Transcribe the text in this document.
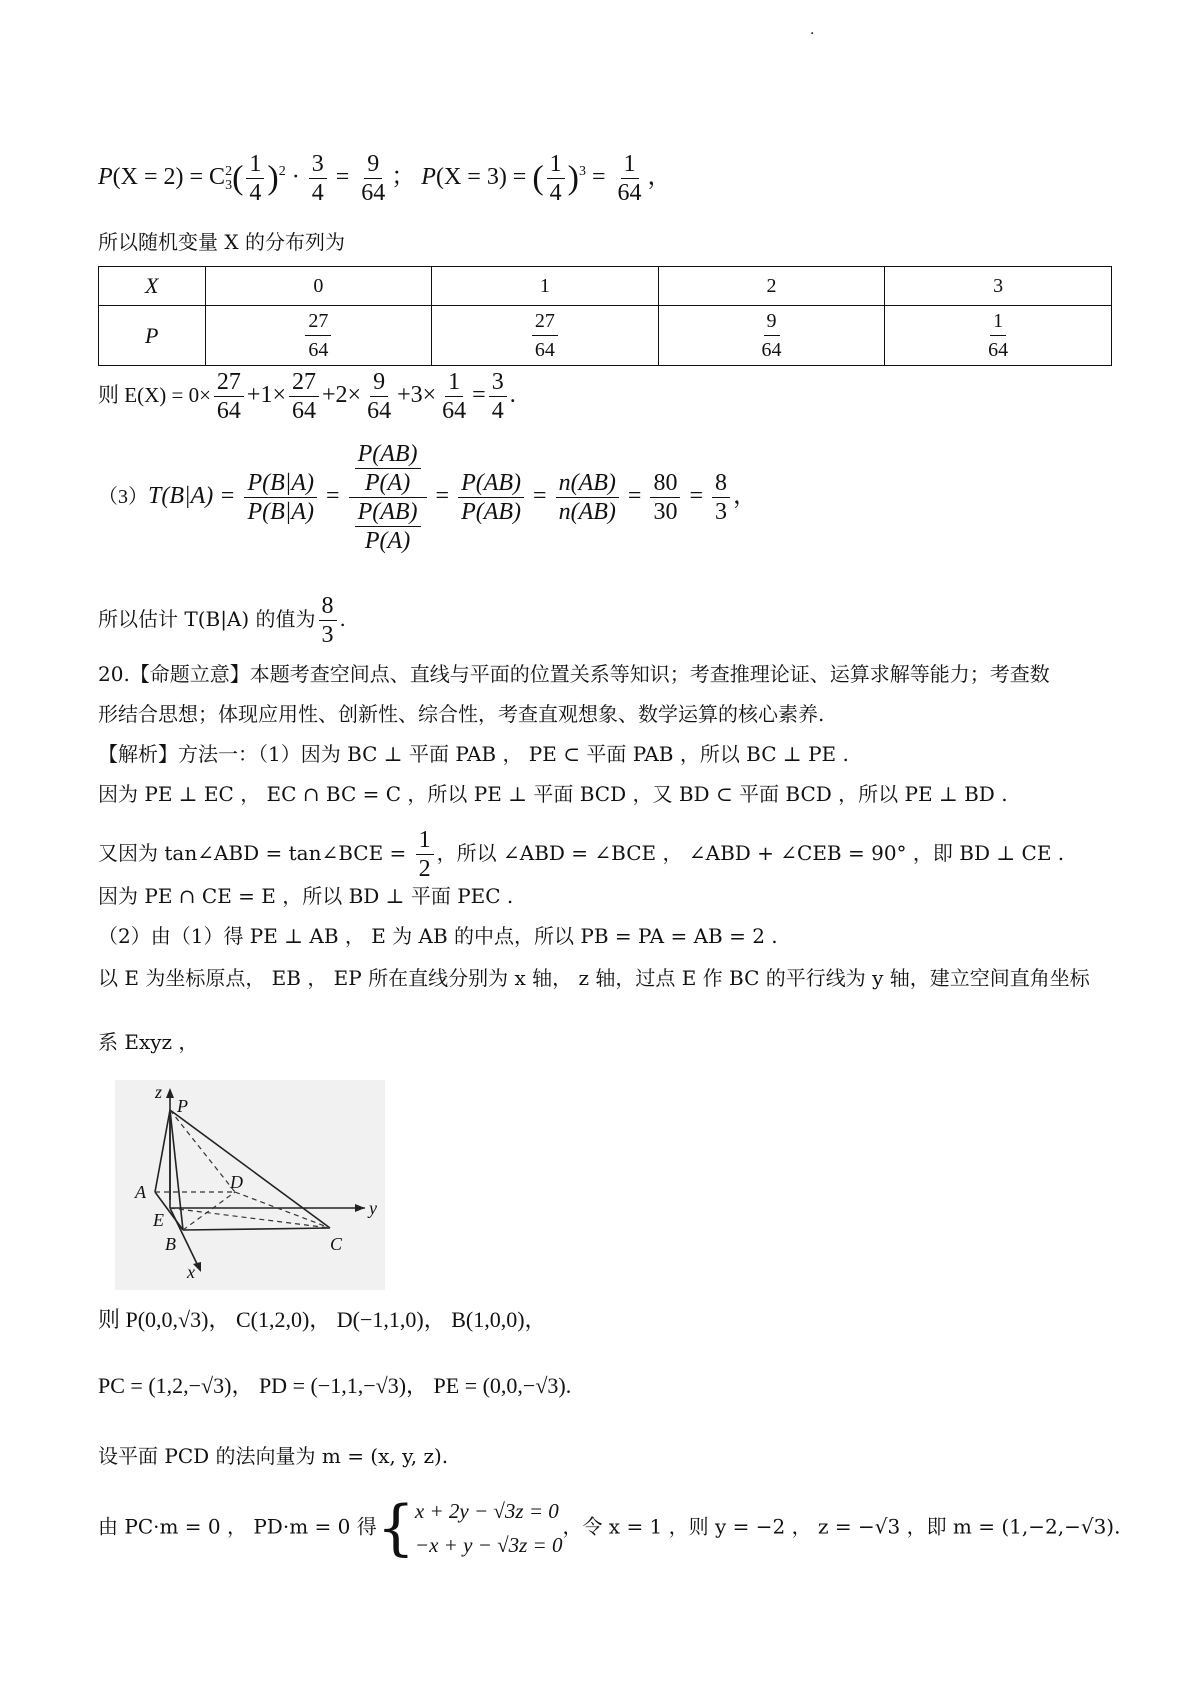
.
P(X = 2) = C2
$3( \frac{1}{4} )^2 \cdot \frac{3}{4} = \frac{9}{64}$ ； P(X = 3) = ( $\frac{1}{4} )^3 = \frac{1}{64}$ ，
所以随机变量 X 的分布列为
X	0	1	2	3
P	$\frac{27}{64}$	$\frac{27}{64}$	$\frac{9}{64}$	$\frac{1}{64}$
则 $E(X) = 0\times \frac{27}{64} +1\times \frac{27}{64} +2\times \frac{9}{64} +3\times \frac{1}{64} = \frac{3}{4}$ .
$(3)T(B|A) = \frac{P(B|A)}{P(B|A)} = \frac{\frac{P(AB)}{P(A)}}{\frac{P(AB)}{P(A)}} = \frac{P(AB)}{P(AB)} = \frac{n(AB)}{n(AB)} = \frac{80}{30} = \frac{8}{3}$ ，
所以估计 T(B|A) 的值为 $\frac{8}{3}$ .
20.【命题立意】本题考查空间点、直线与平面的位置关系等知识；考查推理论证、运算求解等能力；考查数
形结合思想；体现应用性、创新性、综合性，考查直观想象、数学运算的核心素养.
【解析】方法一：（1）因为 BC ⊥ 平面 PAB ， PE ⊂ 平面 PAB ，所以 BC ⊥ PE .
因为 PE ⊥ EC ， EC ∩ BC = C ，所以 PE ⊥ 平面 BCD ，又 BD ⊂ 平面 BCD ，所以 PE ⊥ BD .
又因为 tan∠ABD = tan∠BCE = $\frac{1}{2}$ ，所以 ∠ABD = ∠BCE ， ∠ABD + ∠CEB = 90° ，即 BD ⊥ CE .
因为 PE ∩ CE = E ，所以 BD ⊥ 平面 PEC .
（2）由（1）得 PE ⊥ AB ， E 为 AB 的中点，所以 PB = PA = AB = 2 .
以 E 为坐标原点， EB ， EP 所在直线分别为 x 轴， z 轴，过点 E 作 BC 的平行线为 y 轴，建立空间直角坐标
系 Exyz ，
z
P
A
E
D
y
B	C
x
则 P(0,0,√3)， C(1,2,0)， D(−1,1,0)， B(1,0,0)，
PC = (1,2,−√3)， PD = (−1,1,−√3)， PE = (0,0,−√3).
设平面 PCD 的法向量为 m = (x, y, z).
由 PC·m = 0 ， PD·m = 0 得{ x + 2y − √3z = 0
−x + y − √3z = 0
，令 x = 1 ，则 y = −2 ， z = −√3 ，即 m = (1,−2,−√3).
